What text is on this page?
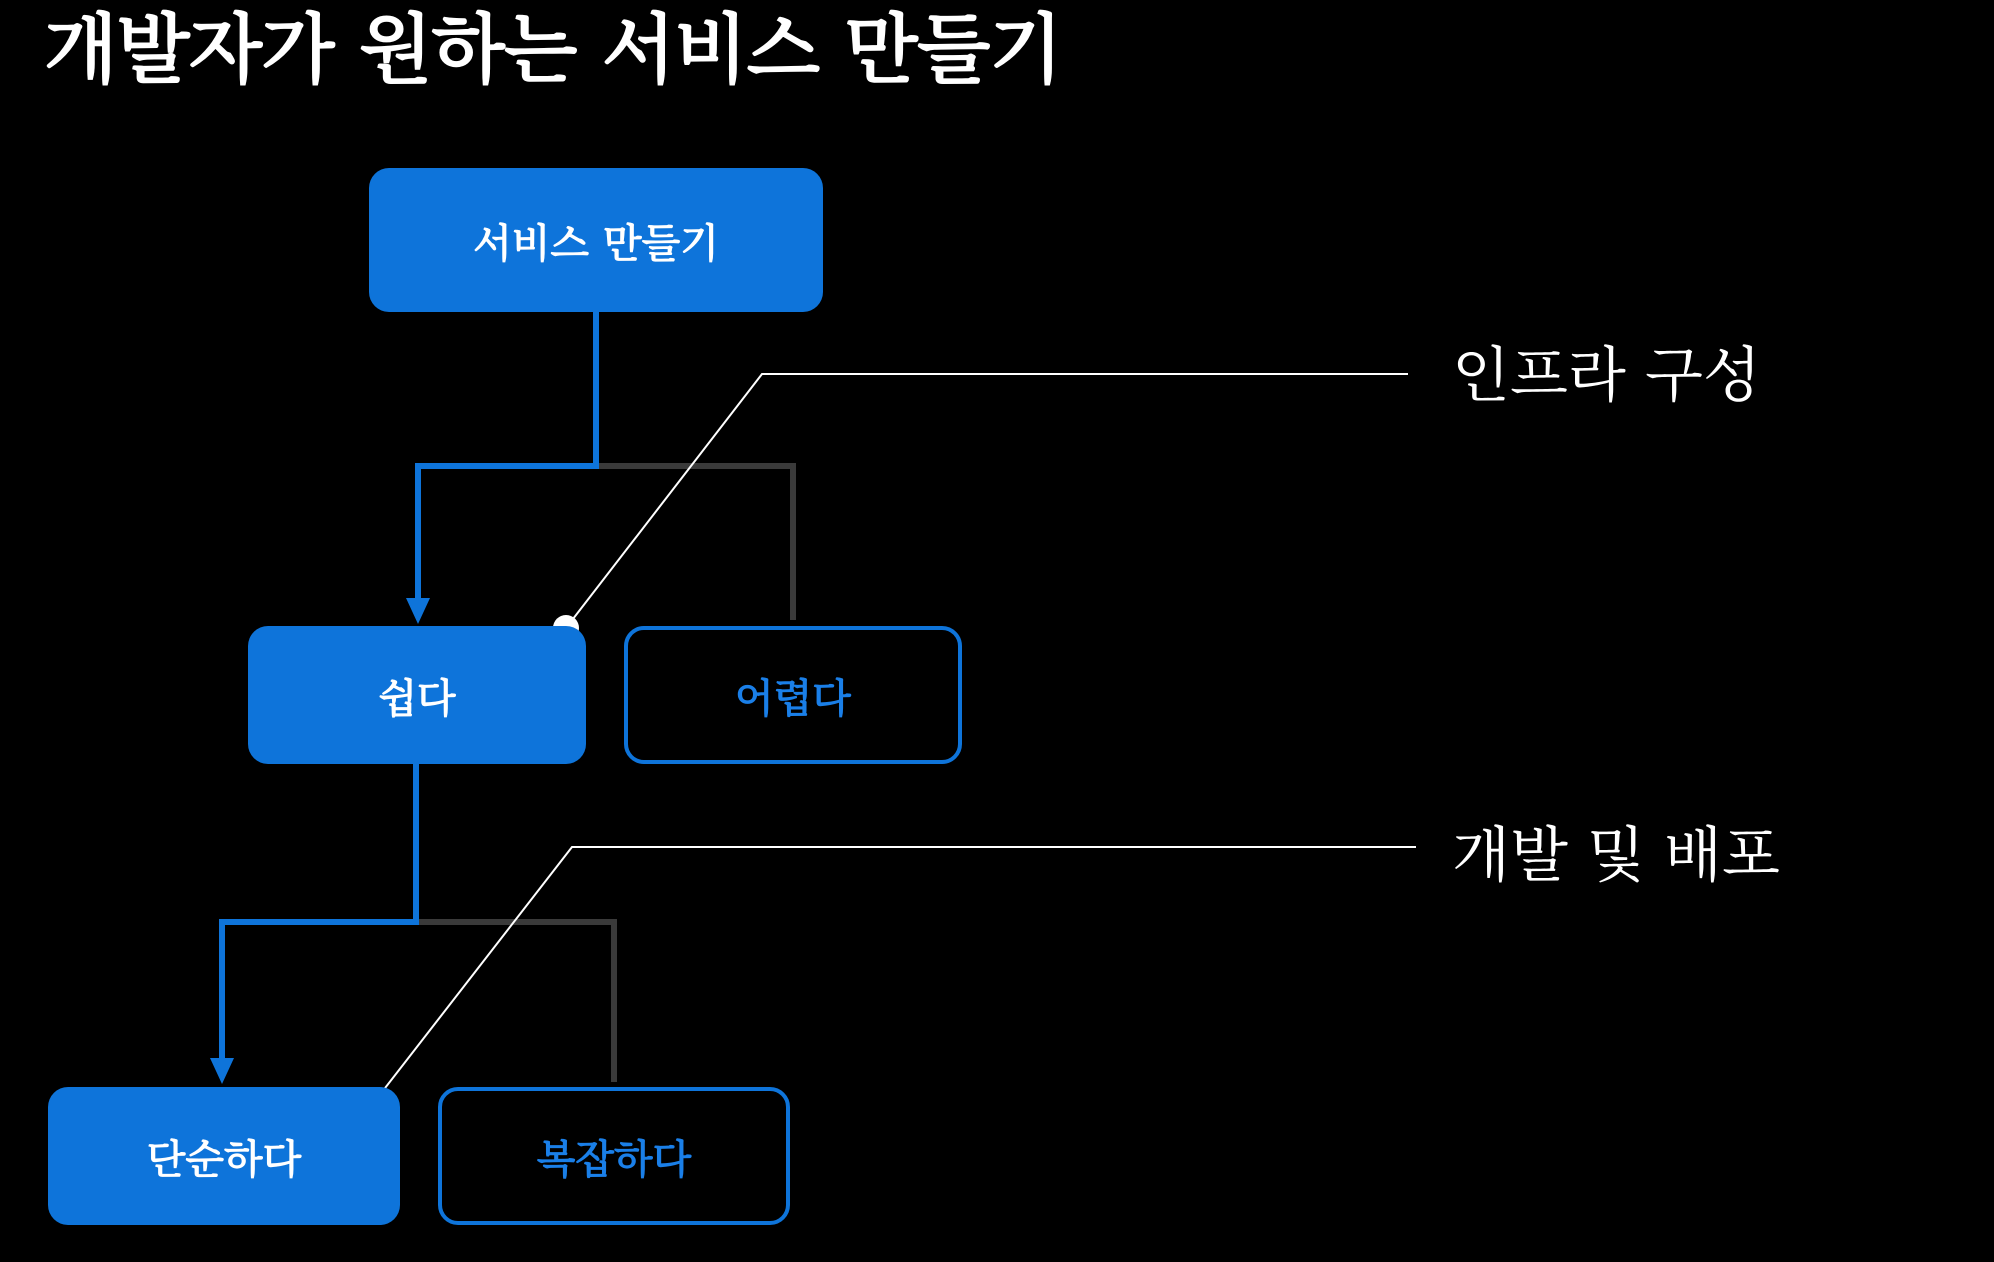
개발자가 원하는 서비스 만들기
서비스 만들기
쉽다	어렵다
단순하다	복잡하다
인프라 구성
개발 및 배포
